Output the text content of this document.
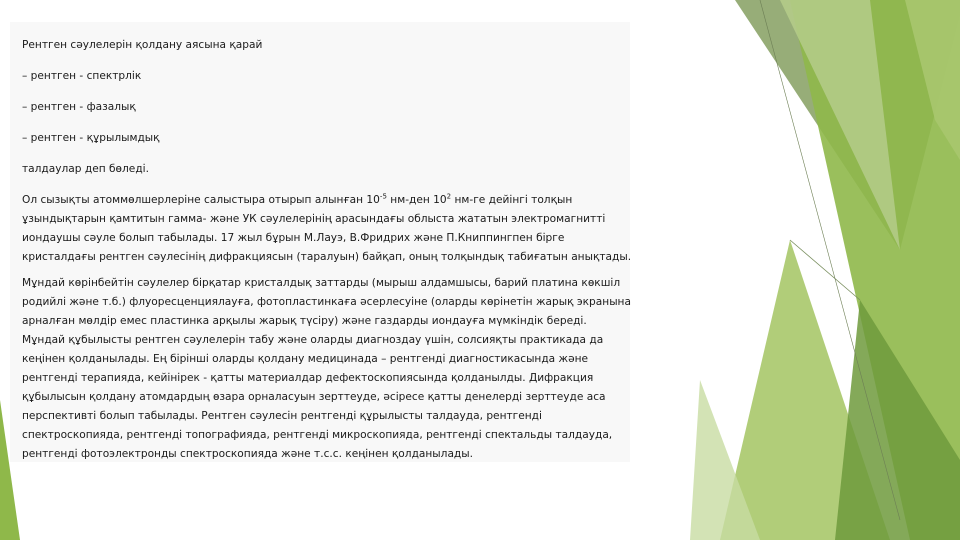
Рентген сәулелерін қолдану аясына қарай

– рентген - спектрлік

– рентген - фазалық

– рентген - құрылымдық

талдаулар деп бөледі.

Ол сызықты атоммөлшерлеріне салыстыра отырып алынған $10^{-5}$ нм-ден $10^2$ нм-ге дейінгі толқын ұзындықтарын қамтитын гамма- және УК сәулелерінің арасындағы облыста жататын электромагнитті иондаушы сәуле болып табылады. 17 жыл бұрын М.Лауэ, В.Фридрих және П.Книппингпен бірге кристалдағы рентген сәулесінің дифракциясын (таралуын) байқап, оның толқындық табиғатын анықтады.

Мұндай көрінбейтін сәулелер бірқатар кристалдық заттарды (мырыш алдамшысы, барий платина көкшіл родийлі және т.б.) флуоресценциялауға, фотопластинкаға әсерлесуіне (оларды көрінетін жарық экранына арналған мөлдір емес пластинка арқылы жарық түсіру) және газдарды иондауға мүмкіндік береді. Мұндай құбылысты рентген сәулелерін табу және оларды диагноздау үшін, солсияқты практикада да кеңінен қолданылады. Ең бірінші оларды қолдану медицинада – рентгенді диагностикасында және рентгенді терапияда, кейінірек - қатты материалдар дефектоскопиясында қолданылды. Дифракция құбылысын қолдану атомдардың өзара орналасуын зерттеуде, әсіресе қатты денелерді зерттеуде аса перспективті болып табылады. Рентген сәулесін рентгенді құрылысты талдауда, рентгенді спектроскопияда, рентгенді топографияда, рентгенді микроскопияда, рентгенді спектальды талдауда, рентгенді фотоэлектронды спектроскопияда және т.с.с. кеңінен қолданылады.
